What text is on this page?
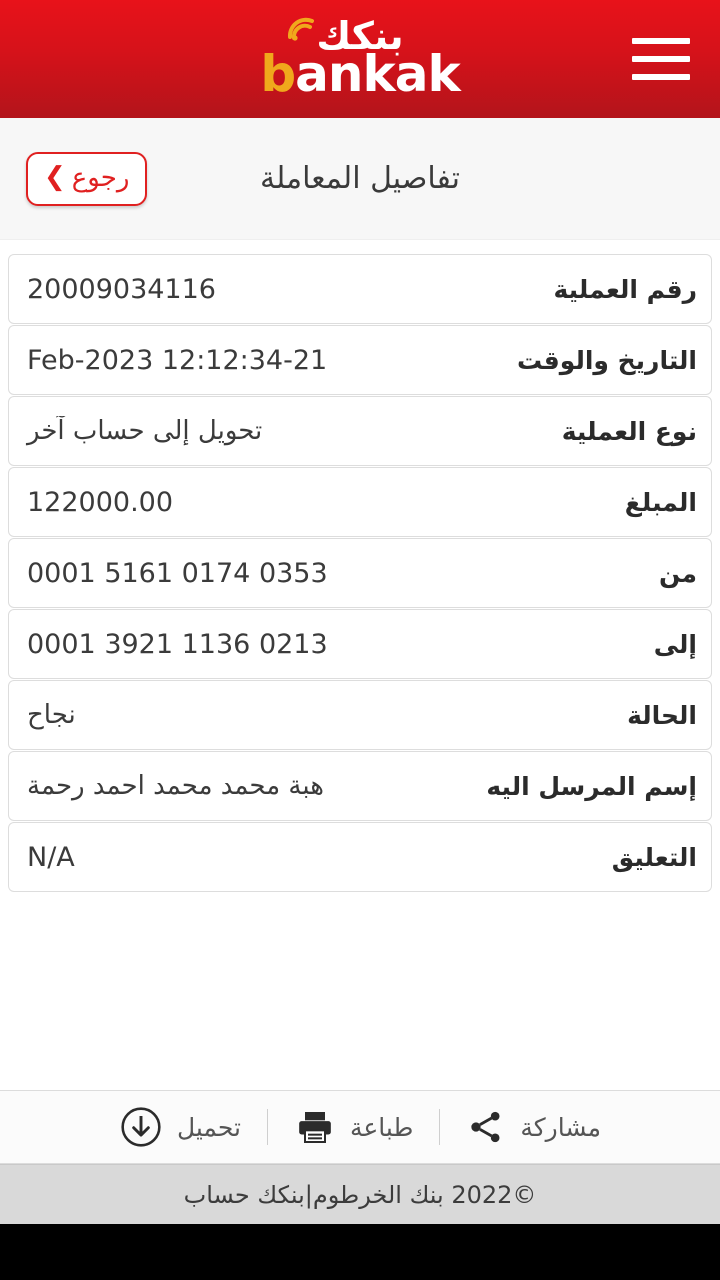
بنكك
bankak
تفاصيل المعاملة
رجوع
❯
رقم العملية
20009034116
التاريخ والوقت
21-Feb-2023 12:12:34
نوع العملية
تحويل إلى حساب آخر
المبلغ
122000.00
من
0353 0174 5161 0001
إلى
0213 1136 3921 0001
الحالة
نجاح
إسم المرسل اليه
هبة محمد محمد احمد رحمة
التعليق
N/A
مشاركة
طباعة
تحميل
©2022 بنك الخرطوم|بنكك حساب
